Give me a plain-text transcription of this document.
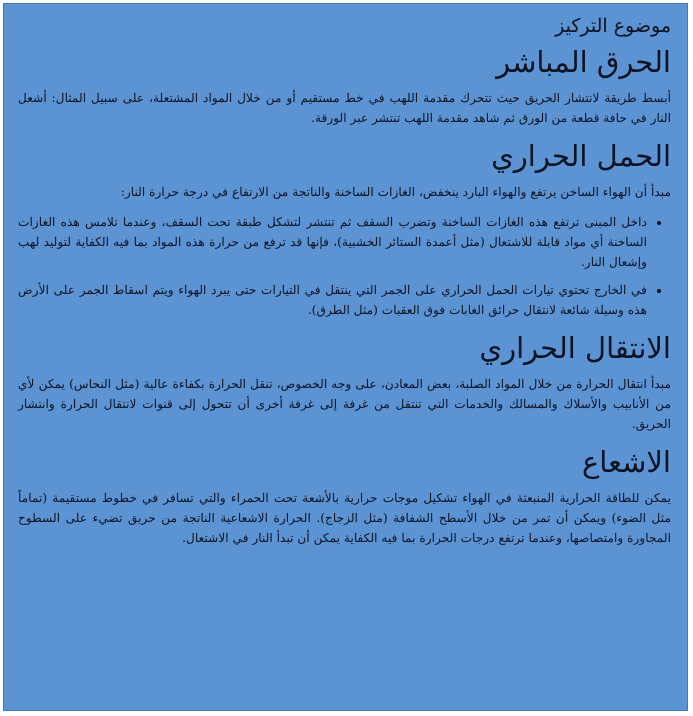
موضوع التركيز
الحرق المباشر

أبسط طريقة لانتشار الحريق حيث تتحرك مقدمة اللهب في خط مستقيم أو من خلال المواد المشتعلة، على سبيل المثال: أشعل النار في حافة قطعة من الورق ثم شاهد مقدمة اللهب تنتشر عبر الورقة.

الحمل الحراري

مبدأ أن الهواء الساخن يرتفع والهواء البارد ينخفض، الغازات الساخنة والناتجة من الارتفاع في درجة حرارة النار:

• داخل المبنى ترتفع هذه الغازات الساخنة وتضرب السقف ثم تنتشر لتشكل طبقة تحت السقف، وعندما تلامس هذه الغازات الساخنة أي مواد قابلة للاشتعال (مثل أعمدة الستائر الخشبية)، فإنها قد ترفع من حرارة هذه المواد بما فيه الكفاية لتوليد لهب وإشعال النار.
• في الخارج تحتوي تيارات الحمل الحراري على الجمر التي ينتقل في التيارات حتى يبرد الهواء ويتم اسقاط الجمر على الأرض هذه وسيلة شائعة لانتقال حرائق الغابات فوق العقبات (مثل الطرق).
الانتقال الحراري

مبدأ انتقال الحرارة من خلال المواد الصلبة، بعض المعادن، على وجه الخصوص، تنقل الحرارة بكفاءة عالية (مثل النحاس) يمكن لأي من الأنابيب والأسلاك والمسالك والخدمات التي تنتقل من غرفة إلى غرفة أخرى أن تتحول إلى قنوات لانتقال الحرارة وانتشار الحريق.

الاشعاع

يمكن للطاقة الحرارية المنبعثة في الهواء تشكيل موجات حرارية بالأشعة تحت الحمراء والتي تسافر في خطوط مستقيمة (تماماً مثل الضوء) ويمكن أن تمر من خلال الأسطح الشفافة (مثل الزجاج). الحرارة الاشعاعية الناتجة من حريق تضيء على السطوح المجاورة وامتصاصها، وعندما ترتفع درجات الحرارة بما فيه الكفاية يمكن أن تبدأ النار في الاشتعال.
